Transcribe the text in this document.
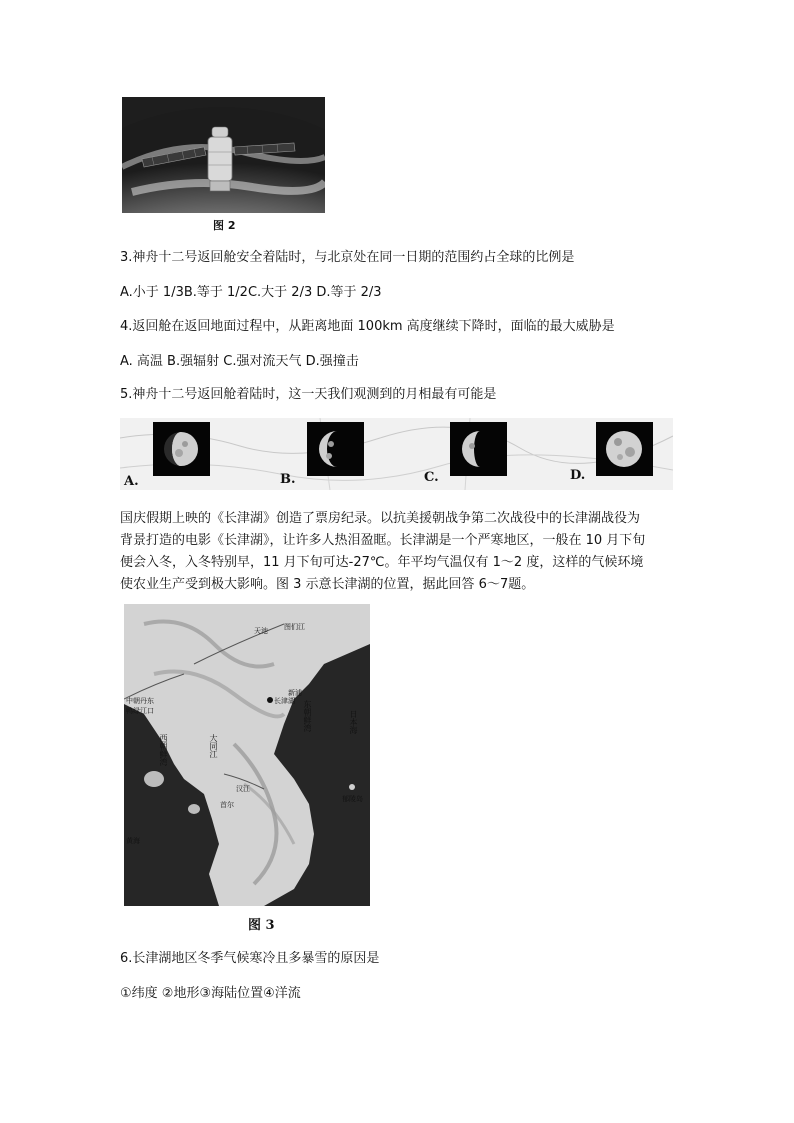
图 2
3.神舟十二号返回舱安全着陆时，与北京处在同一日期的范围约占全球的比例是
A.小于 1/3B.等于 1/2C.大于 2/3 D.等于 2/3
4.返回舱在返回地面过程中，从距离地面 100km 高度继续下降时，面临的最大威胁是
A. 高温 B.强辐射 C.强对流天气 D.强撞击
5.神舟十二号返回舱着陆时，这一天我们观测到的月相最有可能是
A.	B.	C.	D.
国庆假期上映的《长津湖》创造了票房纪录。以抗美援朝战争第二次战役中的长津湖战役为
背景打造的电影《长津湖》，让许多人热泪盈眶。长津湖是一个严寒地区，一般在 10 月下旬
便会入冬，入冬特别早，11 月下旬可达-27℃。年平均气温仅有 1～2 度，这样的气候环境
使农业生产受到极大影响。图 3 示意长津湖的位置，据此回答 6～7题。
天池 图们江
中朝丹东
鸭绿江口
长津湖
新浦
东朝鲜湾
西朝鲜湾
日本海
黄海
汉江
首尔
郁陵岛
大同江
图 3
6.长津湖地区冬季气候寒冷且多暴雪的原因是
①纬度 ②地形③海陆位置④洋流
